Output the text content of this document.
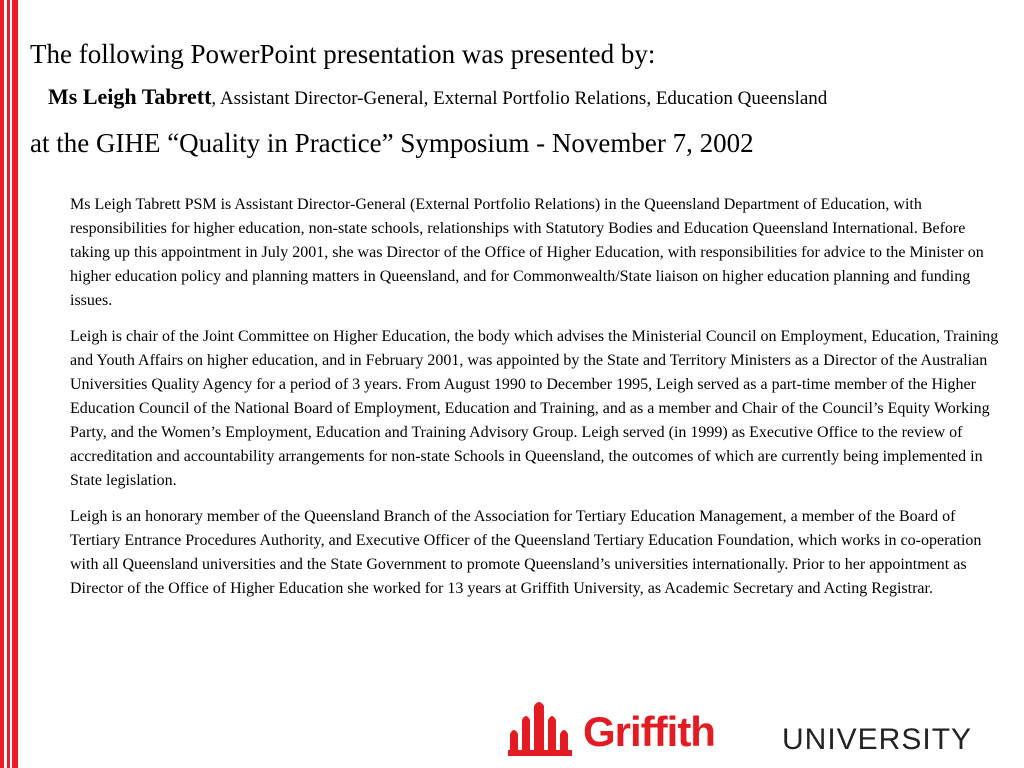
The following PowerPoint presentation was presented by:
Ms Leigh Tabrett, Assistant Director-General, External Portfolio Relations, Education Queensland
at the GIHE “Quality in Practice” Symposium - November 7, 2002

Ms Leigh Tabrett PSM is Assistant Director-General (External Portfolio Relations) in the Queensland Department of Education, with responsibilities for higher education, non-state schools, relationships with Statutory Bodies and Education Queensland International. Before taking up this appointment in July 2001, she was Director of the Office of Higher Education, with responsibilities for advice to the Minister on higher education policy and planning matters in Queensland, and for Commonwealth/State liaison on higher education planning and funding issues.

Leigh is chair of the Joint Committee on Higher Education, the body which advises the Ministerial Council on Employment, Education, Training and Youth Affairs on higher education, and in February 2001, was appointed by the State and Territory Ministers as a Director of the Australian Universities Quality Agency for a period of 3 years. From August 1990 to December 1995, Leigh served as a part-time member of the Higher Education Council of the National Board of Employment, Education and Training, and as a member and Chair of the Council’s Equity Working Party, and the Women’s Employment, Education and Training Advisory Group. Leigh served (in 1999) as Executive Office to the review of accreditation and accountability arrangements for non-state Schools in Queensland, the outcomes of which are currently being implemented in State legislation.

Leigh is an honorary member of the Queensland Branch of the Association for Tertiary Education Management, a member of the Board of Tertiary Entrance Procedures Authority, and Executive Officer of the Queensland Tertiary Education Foundation, which works in co-operation with all Queensland universities and the State Government to promote Queensland’s universities internationally. Prior to her appointment as Director of the Office of Higher Education she worked for 13 years at Griffith University, as Academic Secretary and Acting Registrar.

Griffith UNIVERSITY
